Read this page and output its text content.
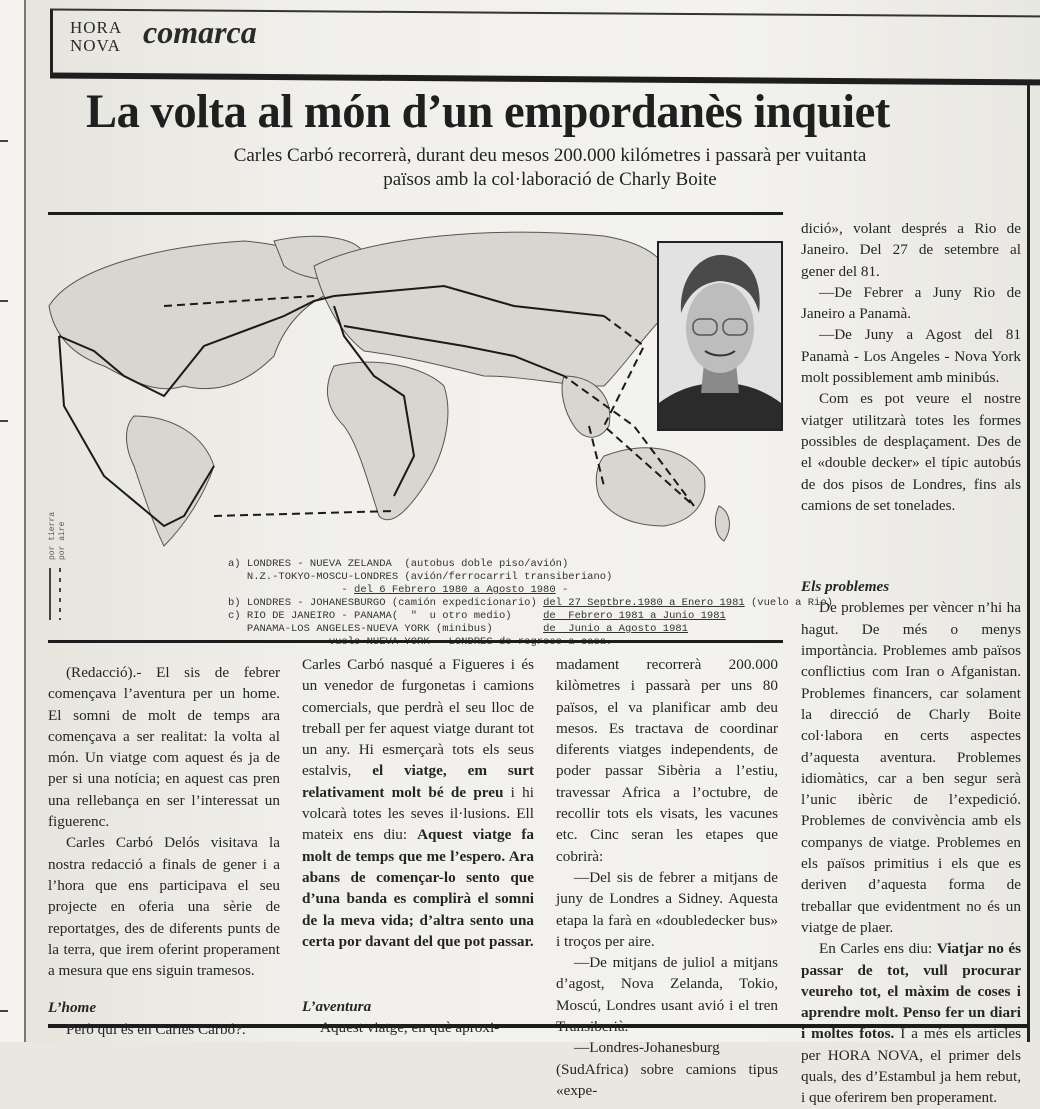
HORA
NOVA comarca
La volta al món d’un empordanès inquiet
Carles Carbó recorrerà, durant deu mesos 200.000 kilómetres i passarà per vuitanta
països amb la col·laboració de Charly Boite
por tierra por aire
a) LONDRES - NUEVA ZELANDA  (autobus doble piso/avión)
N.Z.-TOKYO-MOSCU-LONDRES (avión/ferrocarril transiberiano)
- del 6 Febrero 1980 a Agosto 1980 -
b) LONDRES - JOHANESBURGO (camión expedicionario) del 27 Septbre.1980 a Enero 1981 (vuelo a Rio)
c) RIO DE JANEIRO - PANAMA(  "  u otro medio)     de  Febrero 1981 a Junio 1981
PANAMA-LOS ANGELES-NUEVA YORK (minibus)        de  Junio a Agosto 1981

(Redacció).- El sis de febrer començava l’aventura per un home. El somni de molt de temps ara començava a ser realitat: la volta al món. Un viatge com aquest és ja de per si una notícia; en aquest cas pren una rellebança en ser l’interessat un figuerenc.

Carles Carbó Delós visitava la nostra redacció a finals de gener i a l’hora que ens participava el seu projecte en oferia una sèrie de reportatges, des de diferents punts de la terra, que irem oferint properament a mesura que ens siguin tramesos.

L’home

Però qui és en Carles Carbó?.

Carles Carbó nasqué a Figueres i és un venedor de furgonetas i camions comercials, que perdrà el seu lloc de treball per fer aquest viatge durant tot un any. Hi esmerçarà tots els seus estalvis, el viatge, em surt relativament molt bé de preu i hi volcarà totes les seves il·lusions. Ell mateix ens diu: Aquest viatge fa molt de temps que me l’espero. Ara abans de començar-lo sento que d’una banda es complirà el somni de la meva vida; d’altra sento una certa por davant del que pot passar.

L’aventura

Aquest viatge, en què aproxi-

madament recorrerà 200.000 kilòmetres i passarà per uns 80 països, el va planificar amb deu mesos. Es tractava de coordinar diferents viatges independents, de poder passar Sibèria a l’estiu, travessar Africa a l’octubre, de recollir tots els visats, les vacunes etc. Cinc seran les etapes que cobrirà:

—Del sis de febrer a mitjans de juny de Londres a Sidney. Aquesta etapa la farà en «doubledecker bus» i troços per aire.

—De mitjans de juliol a mitjans d’agost, Nova Zelanda, Tokio, Moscú, Londres usant avió i el tren Transiberià.

—Londres-Johanesburg (SudAfrica) sobre camions tipus «expe-

dició», volant després a Rio de Janeiro. Del 27 de setembre al gener del 81.

—De Febrer a Juny Rio de Janeiro a Panamà.

—De Juny a Agost del 81 Panamà - Los Angeles - Nova York molt possiblement amb minibús.

Com es pot veure el nostre viatger utilitzarà totes les formes possibles de desplaçament. Des de el «double decker» el típic autobús de dos pisos de Londres, fins als camions de set tonelades.

Els problemes

De problemes per vèncer n’hi ha hagut. De més o menys importància. Problemes amb països conflictius com Iran o Afganistan. Problemes financers, car solament la direcció de Charly Boite col·labora en certs aspectes d’aquesta aventura. Problemes idiomàtics, car a ben segur serà l’unic ibèric de l’expedició. Problemes de convivència amb els companys de viatge. Problemes en els països primitius i els que es deriven d’aquesta forma de treballar que evidentment no és un viatge de plaer.

En Carles ens diu: Viatjar no és passar de tot, vull procurar veureho tot, el màxim de coses i aprendre molt. Penso fer un diari i moltes fotos. I a més els articles per HORA NOVA, el primer dels quals, des d’Estambul ja hem rebut, i que oferirem ben properament.
